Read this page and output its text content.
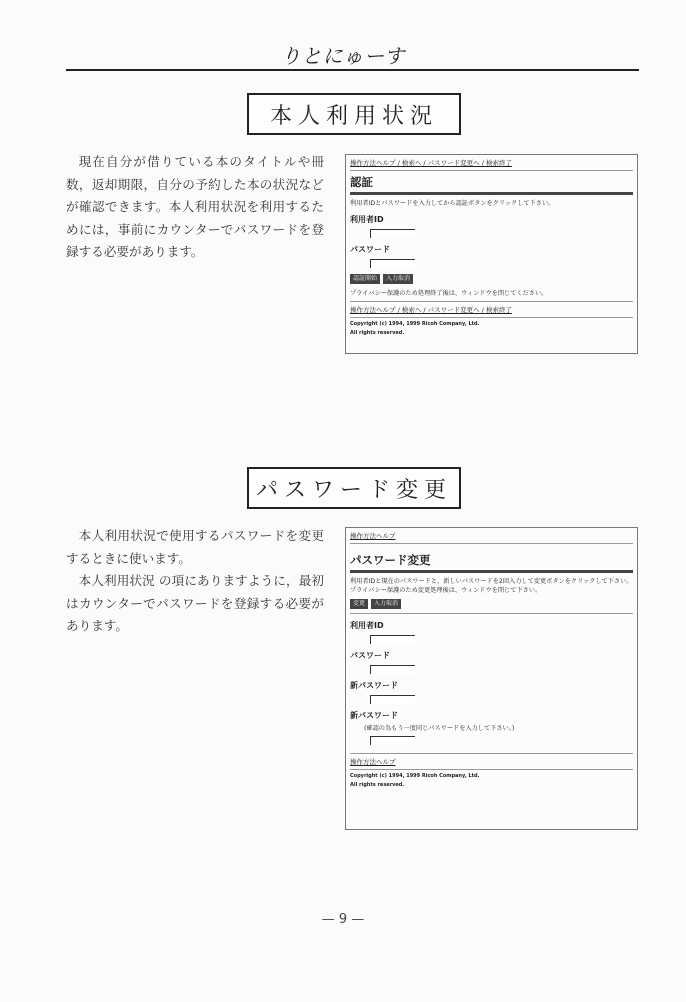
りとにゅーす
本人利用状況

現在自分が借りている本のタイトルや冊数，返却期限，自分の予約した本の状況などが確認できます。本人利用状況を利用するためには，事前にカウンターでパスワードを登録する必要があります。

操作方法ヘルプ / 検索へ / パスワード変更へ / 検索終了
認証
利用者IDとパスワードを入力してから認証ボタンをクリックして下さい。
利用者ID
パスワード
認証開始	入力取消
プライバシー保護のため処理終了後は、ウィンドウを閉じてください。
操作方法ヘルプ / 検索へ / パスワード変更へ / 検索終了
Copyright (c) 1994, 1999 Ricoh Company, Ltd.
All rights reserved.
パスワード変更

本人利用状況で使用するパスワードを変更するときに使います。

本人利用状況 の項にありますように，最初はカウンターでパスワードを登録する必要があります。

操作方法ヘルプ
パスワード変更
利用者IDと現在のパスワードと、新しいパスワードを2回入力して変更ボタンをクリックして下さい。プライバシー保護のため変更処理後は、ウィンドウを閉じて下さい。
変更	入力取消
利用者ID
パスワード
新パスワード
新パスワード
(確認の為もう一度同じパスワードを入力して下さい。)
操作方法ヘルプ
Copyright (c) 1994, 1999 Ricoh Company, Ltd.
All rights reserved.
— 9 —
